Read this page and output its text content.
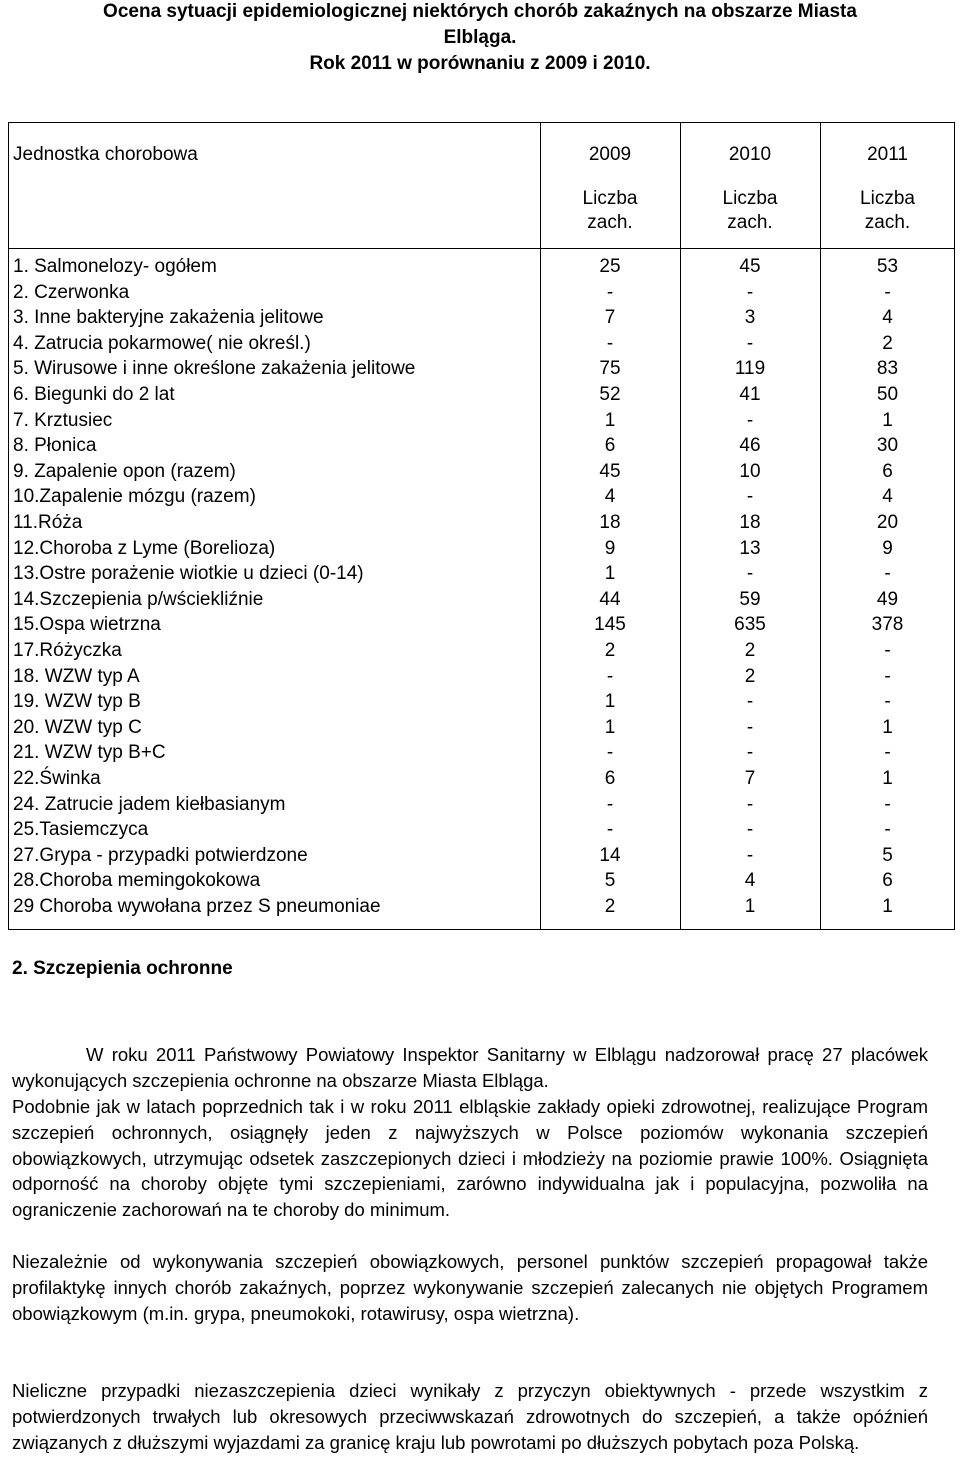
Ocena sytuacji epidemiologicznej niektórych chorób zakaźnych na obszarze Miasta
Elbląga.
Rok 2011 w porównaniu z 2009 i 2010.
Jednostka chorobowa	2009	2010	2011
Liczba
zach.
Liczba
zach.
Liczba
zach.
1. Salmonelozy- ogółem	25	45	53
2. Czerwonka	-	-	-
3. Inne bakteryjne zakażenia jelitowe	7	3	4
4. Zatrucia pokarmowe( nie określ.)	-	-	2
5. Wirusowe i inne określone zakażenia jelitowe	75	119	83
6. Biegunki do 2 lat	52	41	50
7. Krztusiec	1	-	1
8. Płonica	6	46	30
9. Zapalenie opon (razem)	45	10	6
10.Zapalenie mózgu (razem)	4	-	4
11.Róża	18	18	20
12.Choroba z Lyme (Borelioza)	9	13	9
13.Ostre porażenie wiotkie u dzieci (0-14)	1	-	-
14.Szczepienia p/wściekliźnie	44	59	49
15.Ospa wietrzna	145	635	378
17.Różyczka	2	2	-
18. WZW typ A	-	2	-
19. WZW typ B	1	-	-
20. WZW typ C	1	-	1
21. WZW typ B+C	-	-	-
22.Świnka	6	7	1
24. Zatrucie jadem kiełbasianym	-	-	-
25.Tasiemczyca	-	-	-
27.Grypa - przypadki potwierdzone	14	-	5
28.Choroba memingokokowa	5	4	6
29 Choroba wywołana przez S pneumoniae	2	1	1
2. Szczepienia ochronne
W roku 2011 Państwowy Powiatowy Inspektor Sanitarny w Elblągu nadzorował pracę 27 placówek wykonujących szczepienia ochronne na obszarze Miasta Elbląga.
Podobnie jak w latach poprzednich tak i w roku 2011 elbląskie zakłady opieki zdrowotnej, realizujące Program szczepień ochronnych, osiągnęły jeden z najwyższych w Polsce poziomów wykonania szczepień obowiązkowych, utrzymując odsetek zaszczepionych dzieci i młodzieży na poziomie prawie 100%. Osiągnięta odporność na choroby objęte tymi szczepieniami, zarówno indywidualna jak i populacyjna, pozwoliła na ograniczenie zachorowań na te choroby do minimum.
Niezależnie od wykonywania szczepień obowiązkowych, personel punktów szczepień propagował także profilaktykę innych chorób zakaźnych, poprzez wykonywanie szczepień zalecanych nie objętych Programem obowiązkowym (m.in. grypa, pneumokoki, rotawirusy, ospa wietrzna).
Nieliczne przypadki niezaszczepienia dzieci wynikały z przyczyn obiektywnych - przede wszystkim z potwierdzonych trwałych lub okresowych przeciwwskazań zdrowotnych do szczepień, a także opóźnień związanych z dłuższymi wyjazdami za granicę kraju lub powrotami po dłuższych pobytach poza Polską.
